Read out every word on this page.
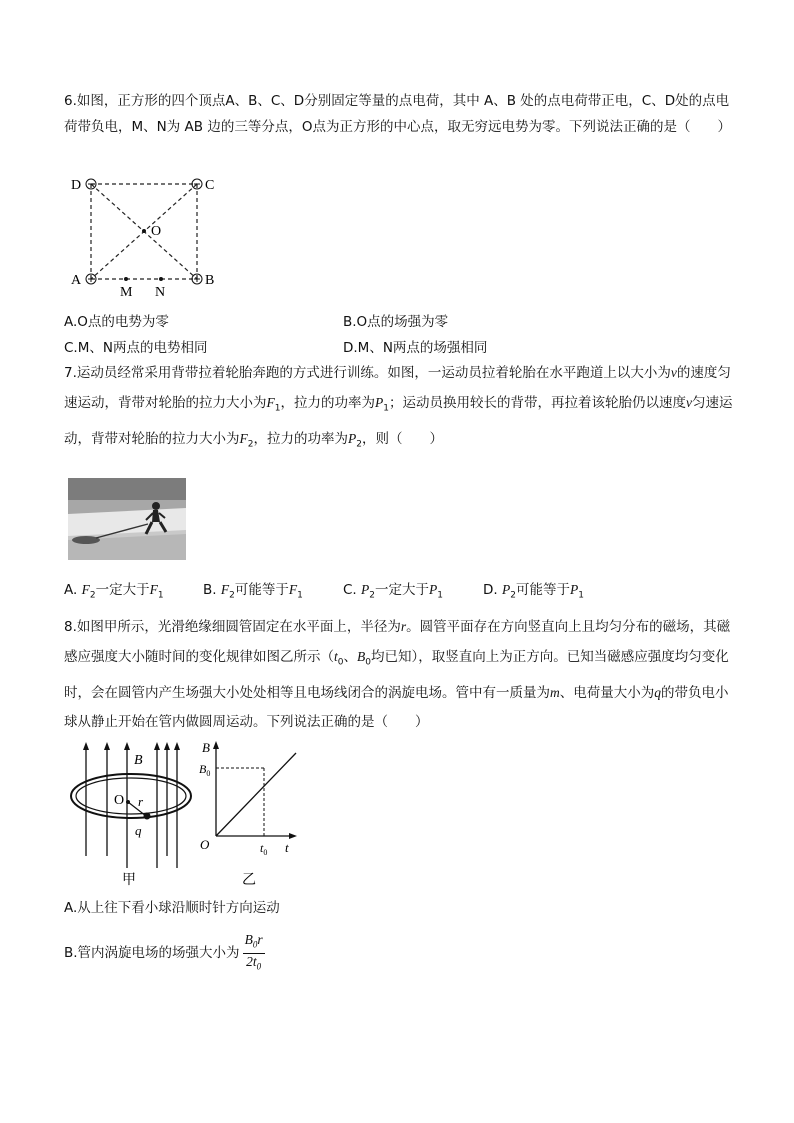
6.如图，正方形的四个顶点A、B、C、D分别固定等量的点电荷，其中 A、B 处的点电荷带正电，C、D处的点电荷带负电，M、N为 AB 边的三等分点，O点为正方形的中心点，取无穷远电势为零。下列说法正确的是（　　）
D	C
O
A	B
M N
A.O点的电势为零	B.O点的场强为零
C.M、N两点的电势相同	D.M、N两点的场强相同
7.运动员经常采用背带拉着轮胎奔跑的方式进行训练。如图，一运动员拉着轮胎在水平跑道上以大小为v的速度匀速运动，背带对轮胎的拉力大小为$F_1$，拉力的功率为$P_1$；运动员换用较长的背带，再拉着该轮胎仍以速度v匀速运动，背带对轮胎的拉力大小为$F_2$，拉力的功率为$P_2$，则（　　）
A. $F_2$一定大于$F_1$	B. $F_2$可能等于$F_1$	C. $P_2$一定大于$P_1$	D. $P_2$可能等于$P_1$
8.如图甲所示，光滑绝缘细圆管固定在水平面上，半径为r。圆管平面存在方向竖直向上且均匀分布的磁场，其磁感应强度大小随时间的变化规律如图乙所示（$t_0$、$B_0$均已知），取竖直向上为正方向。已知当磁感应强度均匀变化时，会在圆管内产生场强大小处处相等且电场线闭合的涡旋电场。管中有一质量为m、电荷量大小为q的带负电小球从静止开始在管内做圆周运动。下列说法正确的是（　　）
B
O r
q
甲
B
$B_0$
O	$t_0$ t
乙
A.从上往下看小球沿顺时针方向运动
B.管内涡旋电场的场强大小为 $\frac{B_0r}{2t_0}$
